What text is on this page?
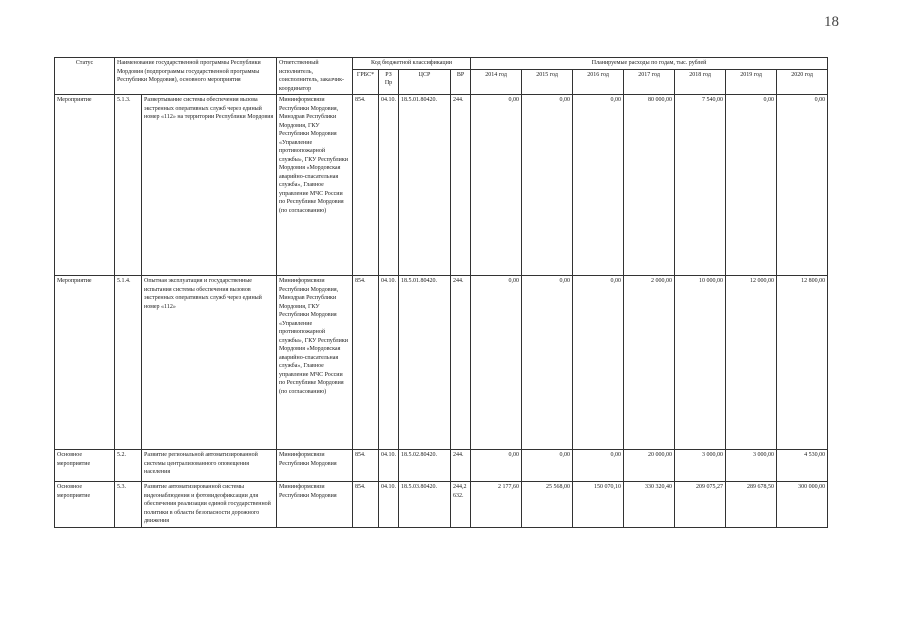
18
Статус	Наименование государственной программы Республики Мордовия (подпрограммы государственной программы Республики Мордовия), основного мероприятия		Ответственный исполнитель, соисполнитель, заказчик-координатор	Код бюджетной классификации				Планируемые расходы по годам, тыс. рублей						
				ГРБС*	РЗ Пр	ЦСР	ВР	2014 год	2015 год	2016 год	2017 год	2018 год	2019 год	2020 год
Мероприятие	5.1.3.	Развертывание системы обеспечения вызова экстренных оперативных служб через единый номер «112» на территории Республики Мордовия	Мининформсвязи Республики Мордовия, Минздрав Республики Мордовия, ГКУ Республики Мордовия «Управление противопожарной службы», ГКУ Республики Мордовия «Мордовская аварийно-спасательная служба», Главное управление МЧС России по Республике Мордовия (по согласованию)	854.	04.10.	18.5.01.80420.	244.	0,00	0,00	0,00	80 000,00	7 540,00	0,00	0,00
Мероприятие	5.1.4.	Опытная эксплуатация и государственные испытания системы обеспечения вызовов экстренных оперативных служб через единый номер «112»	Мининформсвязи Республики Мордовия, Минздрав Республики Мордовия, ГКУ Республики Мордовия «Управление противопожарной службы», ГКУ Республики Мордовия «Мордовская аварийно-спасательная служба», Главное управление МЧС России по Республике Мордовия (по согласованию)	854.	04.10.	18.5.01.80420.	244.	0,00	0,00	0,00	2 000,00	10 000,00	12 000,00	12 800,00
Основное мероприятие	5.2.	Развитие региональной автоматизированной системы централизованного оповещения населения	Мининформсвязи Республики Мордовия	854.	04.10.	18.5.02.80420.	244.	0,00	0,00	0,00	20 000,00	3 000,00	3 000,00	4 530,00
Основное мероприятие	5.3.	Развитие автоматизированной системы видеонаблюдения и фотовидеофиксации для обеспечения реализации единой государственной политики в области безопасности дорожного движения	Мининформсвязи Республики Мордовия	854.	04.10.	18.5.03.80420.	244,2 632.	2 177,60	25 568,00	150 070,10	330 320,40	209 075,27	289 678,50	300 000,00
